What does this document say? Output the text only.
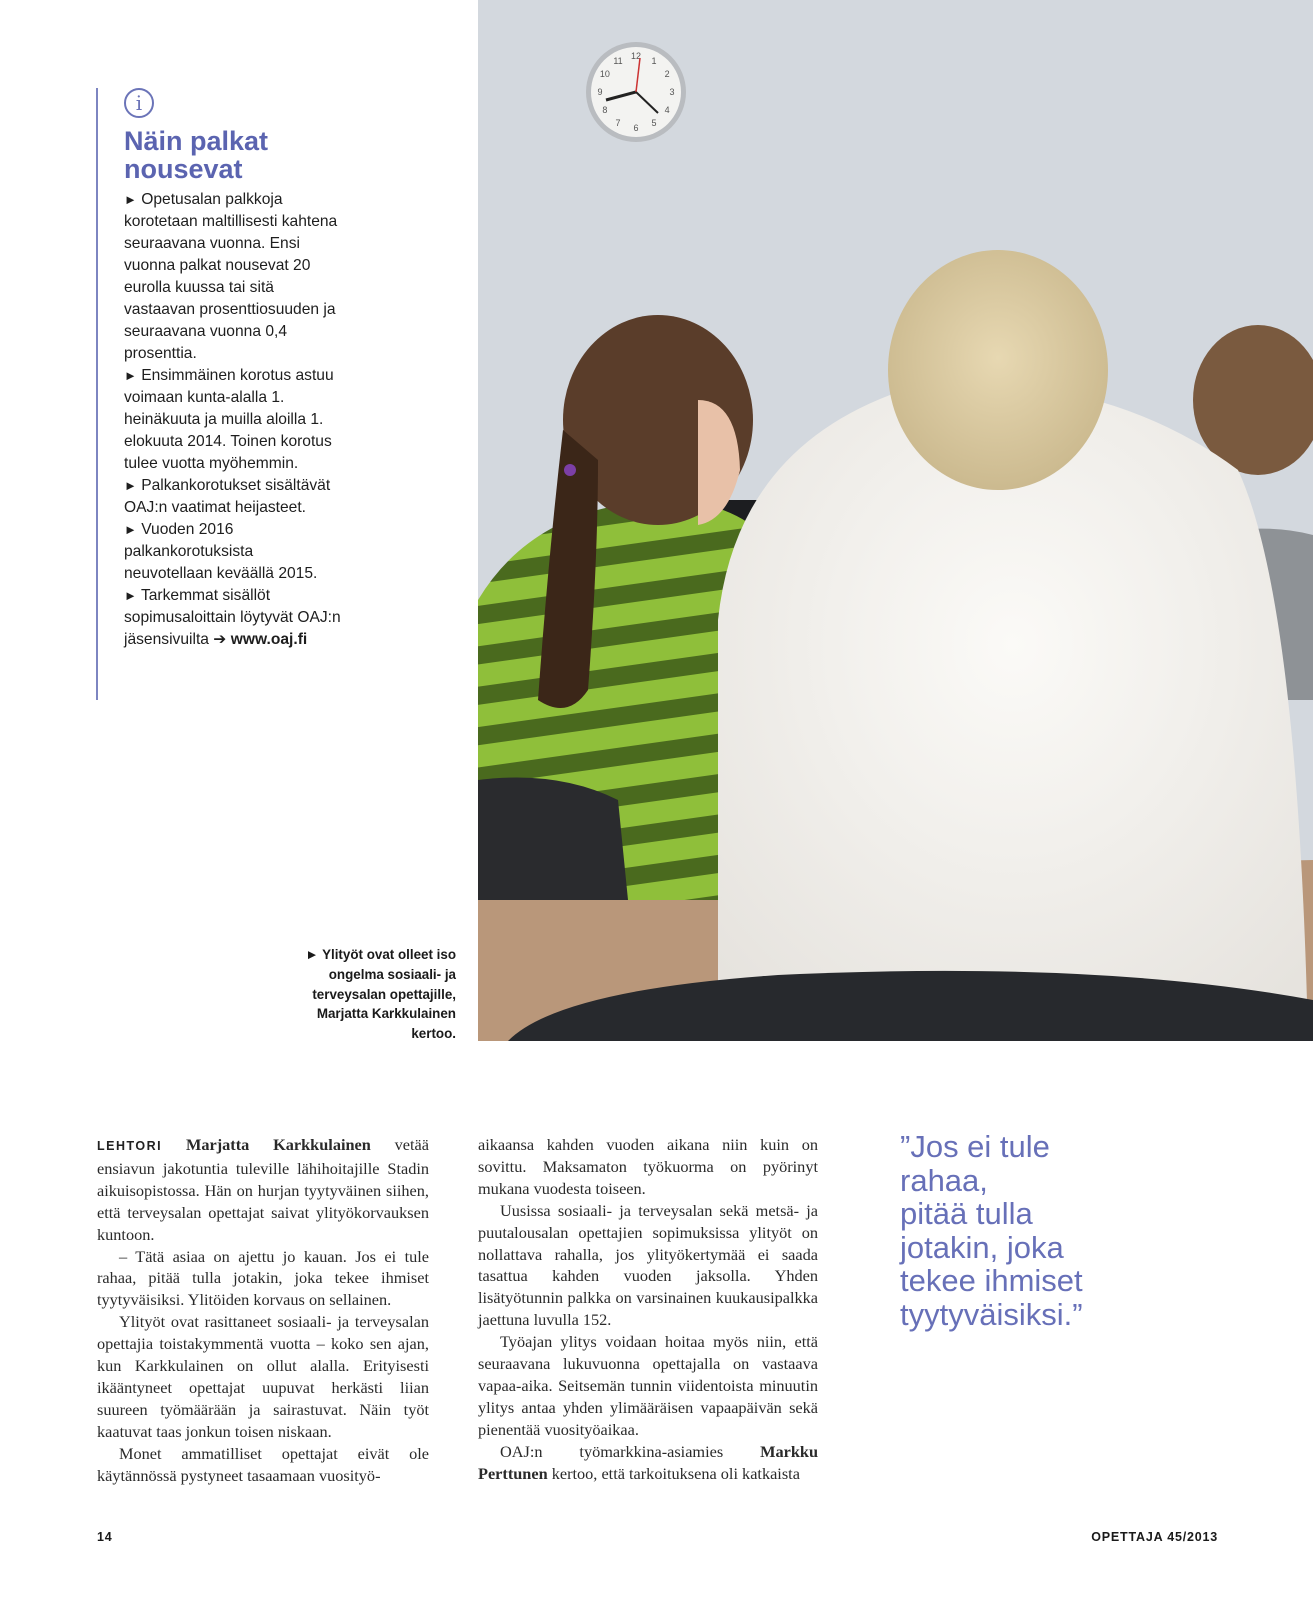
12 1
2
3
4
5
6
7
8
9
10
11
i
Näin palkat nousevat

► Opetusalan palkkoja korotetaan maltillisesti kahtena seuraavana vuonna. Ensi vuonna palkat nousevat 20 eurolla kuussa tai sitä vastaavan prosenttiosuuden ja seuraavana vuonna 0,4 prosenttia.

► Ensimmäinen korotus astuu voimaan kunta-alalla 1. heinäkuuta ja muilla aloilla 1. elokuuta 2014. Toinen korotus tulee vuotta myöhemmin.

► Palkankorotukset sisältävät OAJ:n vaatimat heijasteet.

► Vuoden 2016 palkankorotuksista neuvotellaan keväällä 2015.

► Tarkemmat sisällöt sopimusaloittain löytyvät OAJ:n jäsensivuilta ➔ www.oaj.fi

► Ylityöt ovat olleet iso ongelma sosiaali- ja terveysalan opettajille, Marjatta Karkkulainen kertoo.

LEHTORI Marjatta Karkkulainen vetää ensiavun jakotuntia tuleville lähihoitajille Stadin aikuisopistossa. Hän on hurjan tyytyväinen siihen, että terveysalan opettajat saivat ylityökorvauksen kuntoon.

– Tätä asiaa on ajettu jo kauan. Jos ei tule rahaa, pitää tulla jotakin, joka tekee ihmiset tyytyväisiksi. Ylitöiden korvaus on sellainen.

Ylityöt ovat rasittaneet sosiaali- ja terveysalan opettajia toistakymmentä vuotta – koko sen ajan, kun Karkkulainen on ollut alalla. Erityisesti ikääntyneet opettajat uupuvat herkästi liian suureen työmäärään ja sairastuvat. Näin työt kaatuvat taas jonkun toisen niskaan.

Monet ammatilliset opettajat eivät ole käytännössä pystyneet tasaamaan vuosityö-

aikaansa kahden vuoden aikana niin kuin on sovittu. Maksamaton työkuorma on pyörinyt mukana vuodesta toiseen.

Uusissa sosiaali- ja terveysalan sekä metsä- ja puutalousalan opettajien sopimuksissa ylityöt on nollattava rahalla, jos ylityökertymää ei saada tasattua kahden vuoden jaksolla. Yhden lisätyötunnin palkka on varsinainen kuukausipalkka jaettuna luvulla 152.

Työajan ylitys voidaan hoitaa myös niin, että seuraavana lukuvuonna opettajalla on vastaava vapaa-aika. Seitsemän tunnin viidentoista minuutin ylitys antaa yhden ylimääräisen vapaapäivän sekä pienentää vuosityöaikaa.

OAJ:n työmarkkina-asiamies Markku Perttunen kertoo, että tarkoituksena oli katkaista

”Jos ei tule
rahaa,
pitää tulla
jotakin, joka
tekee ihmiset
tyytyväisiksi.”
14	OPETTAJA 45/2013
